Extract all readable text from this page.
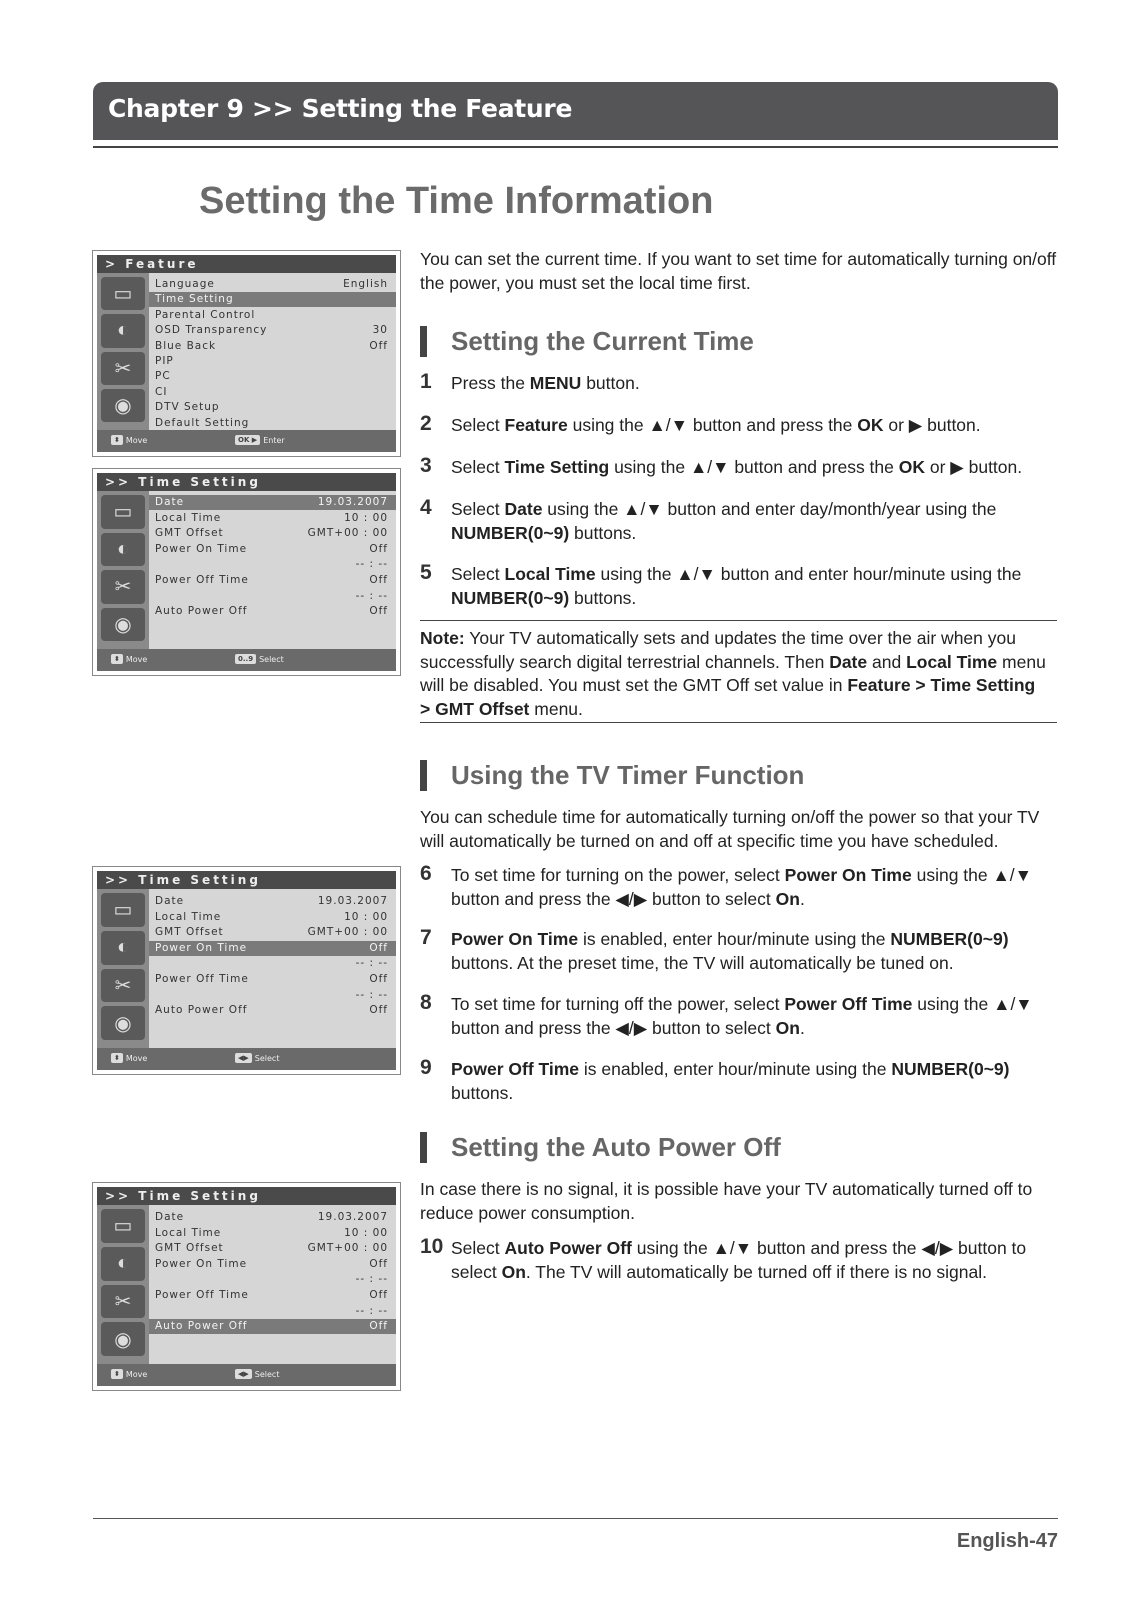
Chapter 9 >> Setting the Feature
Setting the Time Information
> Feature
▭
◐
✂
◉
Language	English
Time Setting
Parental Control
OSD Transparency	30
Blue Back	Off
PIP
PC
CI
DTV Setup
Default Setting
⬍ Move	OK ▶ Enter
>> Time Setting
▭
◐
✂
◉
Date	19.03.2007
Local Time	10 : 00
GMT Offset	GMT+00 : 00
Power On Time	Off
-- : --
Power Off Time	Off
-- : --
Auto Power Off	Off
⬍ Move	0..9 Select
>> Time Setting
▭
◐
✂
◉
Date	19.03.2007
Local Time	10 : 00
GMT Offset	GMT+00 : 00
Power On Time	Off
-- : --
Power Off Time	Off
-- : --
Auto Power Off	Off
⬍ Move	◀▶ Select
>> Time Setting
▭
◐
✂
◉
Date	19.03.2007
Local Time	10 : 00
GMT Offset	GMT+00 : 00
Power On Time	Off
-- : --
Power Off Time	Off
-- : --
Auto Power Off	Off
⬍ Move	◀▶ Select
You can set the current time. If you want to set time for automatically turning on/off the power, you must set the local time first.
Setting the Current Time
1 Press the MENU button.
2 Select Feature using the ▲/▼ button and press the OK or ▶ button.
3 Select Time Setting using the ▲/▼ button and press the OK or ▶ button.
4 Select Date using the ▲/▼ button and enter day/month/year using the NUMBER(0~9) buttons.
5 Select Local Time using the ▲/▼ button and enter hour/minute using the NUMBER(0~9) buttons.
Note: Your TV automatically sets and updates the time over the air when you successfully search digital terrestrial channels. Then Date and Local Time menu will be disabled. You must set the GMT Off set value in Feature > Time Setting > GMT Offset menu.
Using the TV Timer Function
You can schedule time for automatically turning on/off the power so that your TV will automatically be turned on and off at specific time you have scheduled.
6 To set time for turning on the power, select Power On Time using the ▲/▼ button and press the ◀/▶ button to select On.
7 Power On Time is enabled, enter hour/minute using the NUMBER(0~9) buttons. At the preset time, the TV will automatically be tuned on.
8 To set time for turning off the power, select Power Off Time using the ▲/▼ button and press the ◀/▶ button to select On.
9 Power Off Time is enabled, enter hour/minute using the NUMBER(0~9) buttons.
Setting the Auto Power Off
In case there is no signal, it is possible have your TV automatically turned off to reduce power consumption.
10 Select Auto Power Off using the ▲/▼ button and press the ◀/▶ button to select On. The TV will automatically be turned off if there is no signal.
English-47
